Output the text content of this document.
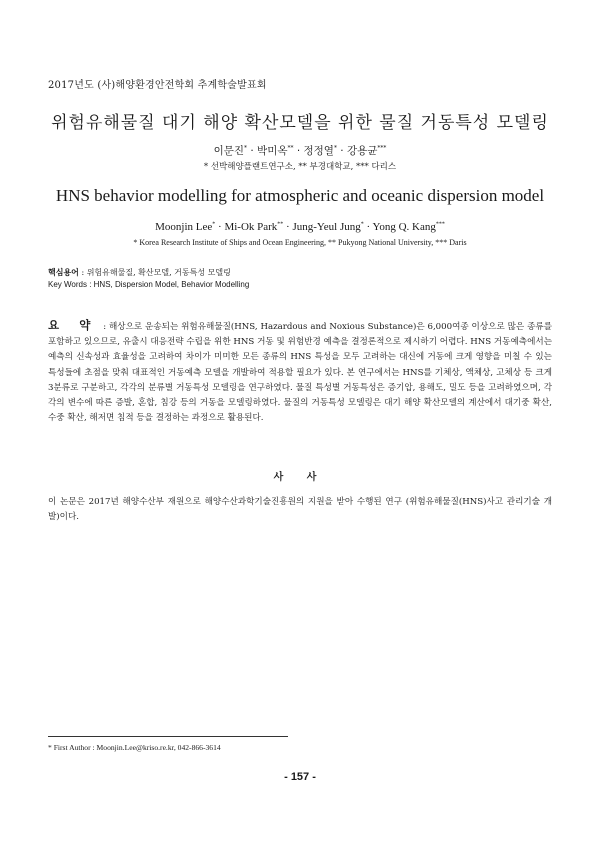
2017년도 (사)해양환경안전학회 추계학술발표회
위험유해물질 대기 해양 확산모델을 위한 물질 거동특성 모델링
이문진* · 박미옥** · 정정열* · 강용균***
* 선박해양플랜트연구소, ** 부경대학교, *** 다리스
HNS behavior modelling for atmospheric and oceanic dispersion model
Moonjin Lee* · Mi-Ok Park** · Jung-Yeul Jung* · Yong Q. Kang***
* Korea Research Institute of Ships and Ocean Engineering, ** Pukyong National University, *** Daris
핵심용어 : 위험유해물질, 확산모델, 거동특성 모델링
Key Words : HNS, Dispersion Model, Behavior Modelling
요 약 : 해상으로 운송되는 위험유해물질(HNS, Hazardous and Noxious Substance)은 6,000여종 이상으로 많은 종류를 포함하고 있으므로, 유출시 대응전략 수립을 위한 HNS 거동 및 위험반경 예측을 결정론적으로 제시하기 어렵다. HNS 거동예측에서는 예측의 신속성과 효율성을 고려하여 차이가 미미한 모든 종류의 HNS 특성을 모두 고려하는 대신에 거동에 크게 영향을 미칠 수 있는 특성들에 초점을 맞춰 대표적인 거동예측 모델을 개발하여 적용할 필요가 있다. 본 연구에서는 HNS를 기체상, 액체상, 고체상 등 크게 3분류로 구분하고, 각각의 분류별 거동특성 모델링을 연구하였다. 물질 특성별 거동특성은 증기압, 용해도, 밀도 등을 고려하였으며, 각각의 변수에 따른 증발, 혼합, 침강 등의 거동을 모델링하였다. 물질의 거동특성 모델링은 대기 해양 확산모델의 계산에서 대기중 확산, 수중 확산, 해저면 침적 등을 결정하는 과정으로 활용된다.
사 사
이 논문은 2017년 해양수산부 재원으로 해양수산과학기술진흥원의 지원을 받아 수행된 연구 (위험유해물질(HNS)사고 관리기술 개발)이다.
* First Author : Moonjin.Lee@kriso.re.kr, 042-866-3614
- 157 -
